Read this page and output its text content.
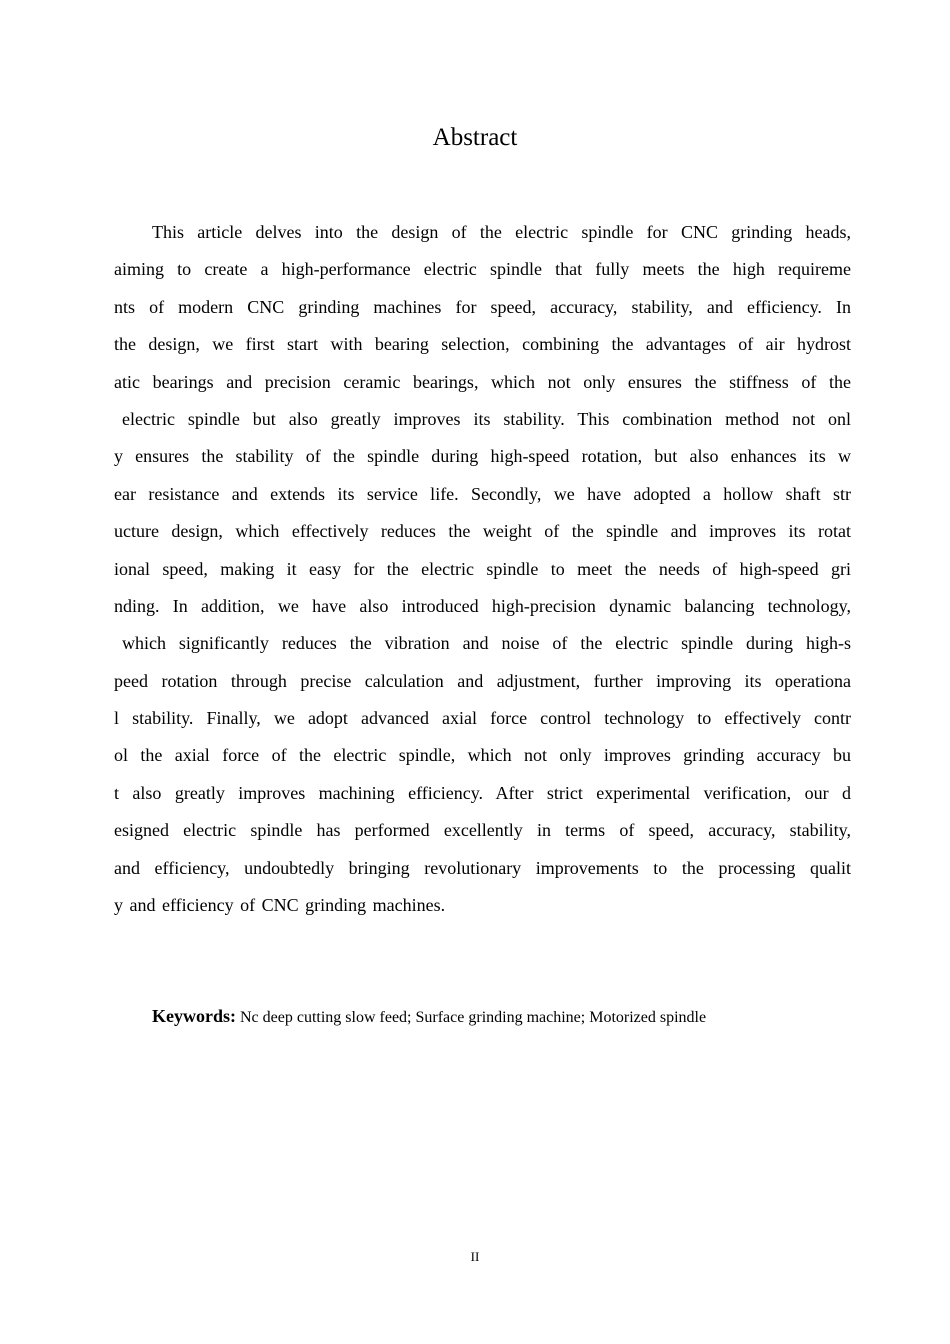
Abstract
This article delves into the design of the electric spindle for CNC grinding heads,
aiming to create a high-performance electric spindle that fully meets the high requireme
nts of modern CNC grinding machines for speed, accuracy, stability, and efficiency. In
the design, we first start with bearing selection, combining the advantages of air hydrost
atic bearings and precision ceramic bearings, which not only ensures the stiffness of the
electric spindle but also greatly improves its stability. This combination method not onl
y ensures the stability of the spindle during high-speed rotation, but also enhances its w
ear resistance and extends its service life. Secondly, we have adopted a hollow shaft str
ucture design, which effectively reduces the weight of the spindle and improves its rotat
ional speed, making it easy for the electric spindle to meet the needs of high-speed gri
nding. In addition, we have also introduced high-precision dynamic balancing technology,
which significantly reduces the vibration and noise of the electric spindle during high-s
peed rotation through precise calculation and adjustment, further improving its operationa
l stability. Finally, we adopt advanced axial force control technology to effectively contr
ol the axial force of the electric spindle, which not only improves grinding accuracy bu
t also greatly improves machining efficiency. After strict experimental verification, our d
esigned electric spindle has performed excellently in terms of speed, accuracy, stability,
and efficiency, undoubtedly bringing revolutionary improvements to the processing qualit
y and efficiency of CNC grinding machines.
Keywords: Nc deep cutting slow feed; Surface grinding machine; Motorized spindle
II
